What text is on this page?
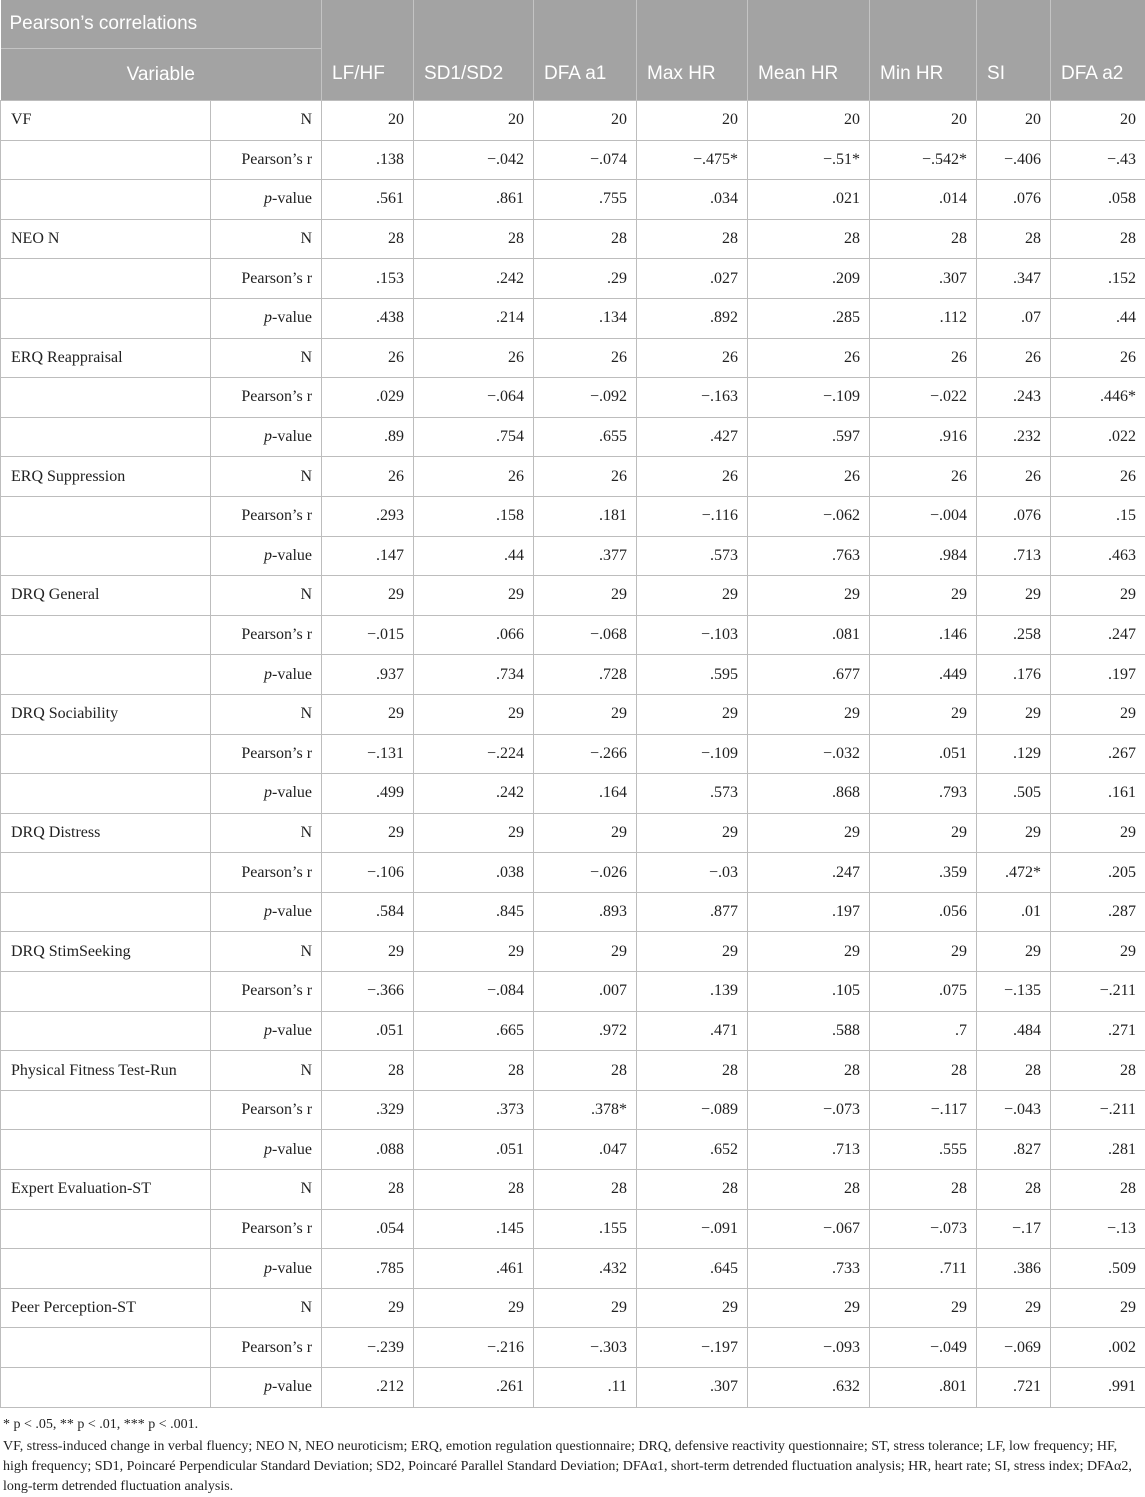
Pearson’s correlations									
Variable		LF/HF	SD1/SD2	DFA a1	Max HR	Mean HR	Min HR	SI	DFA a2
VF	N	20	20	20	20	20	20	20	20
	Pearson’s r	.138	−.042	−.074	−.475*	−.51*	−.542*	−.406	−.43
	p-value	.561	.861	.755	.034	.021	.014	.076	.058
NEO N	N	28	28	28	28	28	28	28	28
	Pearson’s r	.153	.242	.29	.027	.209	.307	.347	.152
	p-value	.438	.214	.134	.892	.285	.112	.07	.44
ERQ Reappraisal	N	26	26	26	26	26	26	26	26
	Pearson’s r	.029	−.064	−.092	−.163	−.109	−.022	.243	.446*
	p-value	.89	.754	.655	.427	.597	.916	.232	.022
ERQ Suppression	N	26	26	26	26	26	26	26	26
	Pearson’s r	.293	.158	.181	−.116	−.062	−.004	.076	.15
	p-value	.147	.44	.377	.573	.763	.984	.713	.463
DRQ General	N	29	29	29	29	29	29	29	29
	Pearson’s r	−.015	.066	−.068	−.103	.081	.146	.258	.247
	p-value	.937	.734	.728	.595	.677	.449	.176	.197
DRQ Sociability	N	29	29	29	29	29	29	29	29
	Pearson’s r	−.131	−.224	−.266	−.109	−.032	.051	.129	.267
	p-value	.499	.242	.164	.573	.868	.793	.505	.161
DRQ Distress	N	29	29	29	29	29	29	29	29
	Pearson’s r	−.106	.038	−.026	−.03	.247	.359	.472*	.205
	p-value	.584	.845	.893	.877	.197	.056	.01	.287
DRQ StimSeeking	N	29	29	29	29	29	29	29	29
	Pearson’s r	−.366	−.084	.007	.139	.105	.075	−.135	−.211
	p-value	.051	.665	.972	.471	.588	.7	.484	.271
Physical Fitness Test-Run	N	28	28	28	28	28	28	28	28
	Pearson’s r	.329	.373	.378*	−.089	−.073	−.117	−.043	−.211
	p-value	.088	.051	.047	.652	.713	.555	.827	.281
Expert Evaluation-ST	N	28	28	28	28	28	28	28	28
	Pearson’s r	.054	.145	.155	−.091	−.067	−.073	−.17	−.13
	p-value	.785	.461	.432	.645	.733	.711	.386	.509
Peer Perception-ST	N	29	29	29	29	29	29	29	29
	Pearson’s r	−.239	−.216	−.303	−.197	−.093	−.049	−.069	.002
	p-value	.212	.261	.11	.307	.632	.801	.721	.991

* p < .05, ** p < .01, *** p < .001.

VF, stress-induced change in verbal fluency; NEO N, NEO neuroticism; ERQ, emotion regulation questionnaire; DRQ, defensive reactivity questionnaire; ST, stress tolerance; LF, low frequency; HF, high frequency; SD1, Poincaré Perpendicular Standard Deviation; SD2, Poincaré Parallel Standard Deviation; DFAα1, short-term detrended fluctuation analysis; HR, heart rate; SI, stress index; DFAα2, long-term detrended fluctuation analysis.
